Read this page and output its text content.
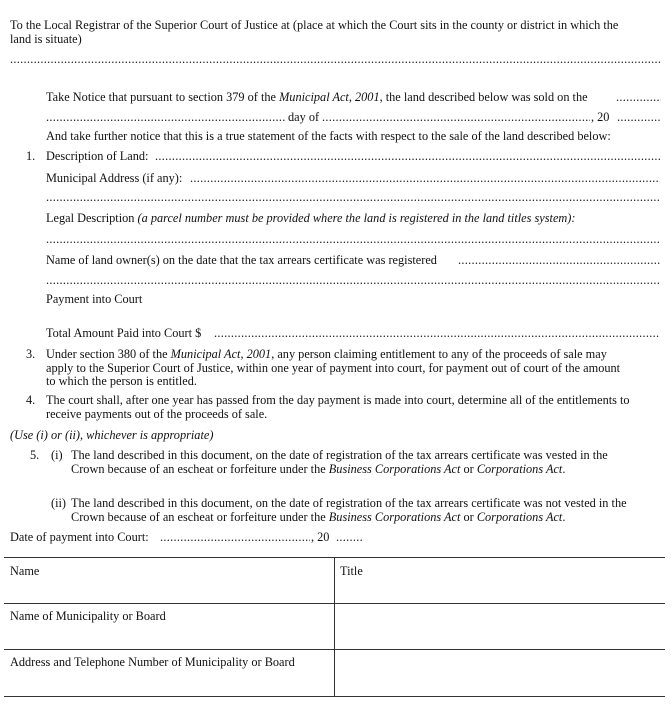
To the Local Registrar of the Superior Court of Justice at (place at which the Court sits in the county or district in which the
land is situate)
.....
Take Notice that pursuant to section 379 of the Municipal Act, 2001, the land described below was sold on the
.....
.....
day of .....	, 20
.....
And take further notice that this is a true statement of the facts with respect to the sale of the land described below:
1. Description of Land:
.....
Municipal Address (if any):
.....
.....
Legal Description (a parcel number must be provided where the land is registered in the land titles system):
.....
Name of land owner(s) on the date that the tax arrears certificate was registered
.....
.....
Payment into Court
Total Amount Paid into Court $
.....
3. Under section 380 of the Municipal Act, 2001, any person claiming entitlement to any of the proceeds of sale may
apply to the Superior Court of Justice, within one year of payment into court, for payment out of court of the amount
to which the person is entitled.
4. The court shall, after one year has passed from the day payment is made into court, determine all of the entitlements to
receive payments out of the proceeds of sale.
(Use (i) or (ii), whichever is appropriate)
5. (i) The land described in this document, on the date of registration of the tax arrears certificate was vested in the
Crown because of an escheat or forfeiture under the Business Corporations Act or Corporations Act.
(ii) The land described in this document, on the date of registration of the tax arrears certificate was not vested in the
Crown because of an escheat or forfeiture under the Business Corporations Act or Corporations Act.
Date of payment into Court: .....	, 20
.....
Name	Title
Name of Municipality or Board
Address and Telephone Number of Municipality or Board
